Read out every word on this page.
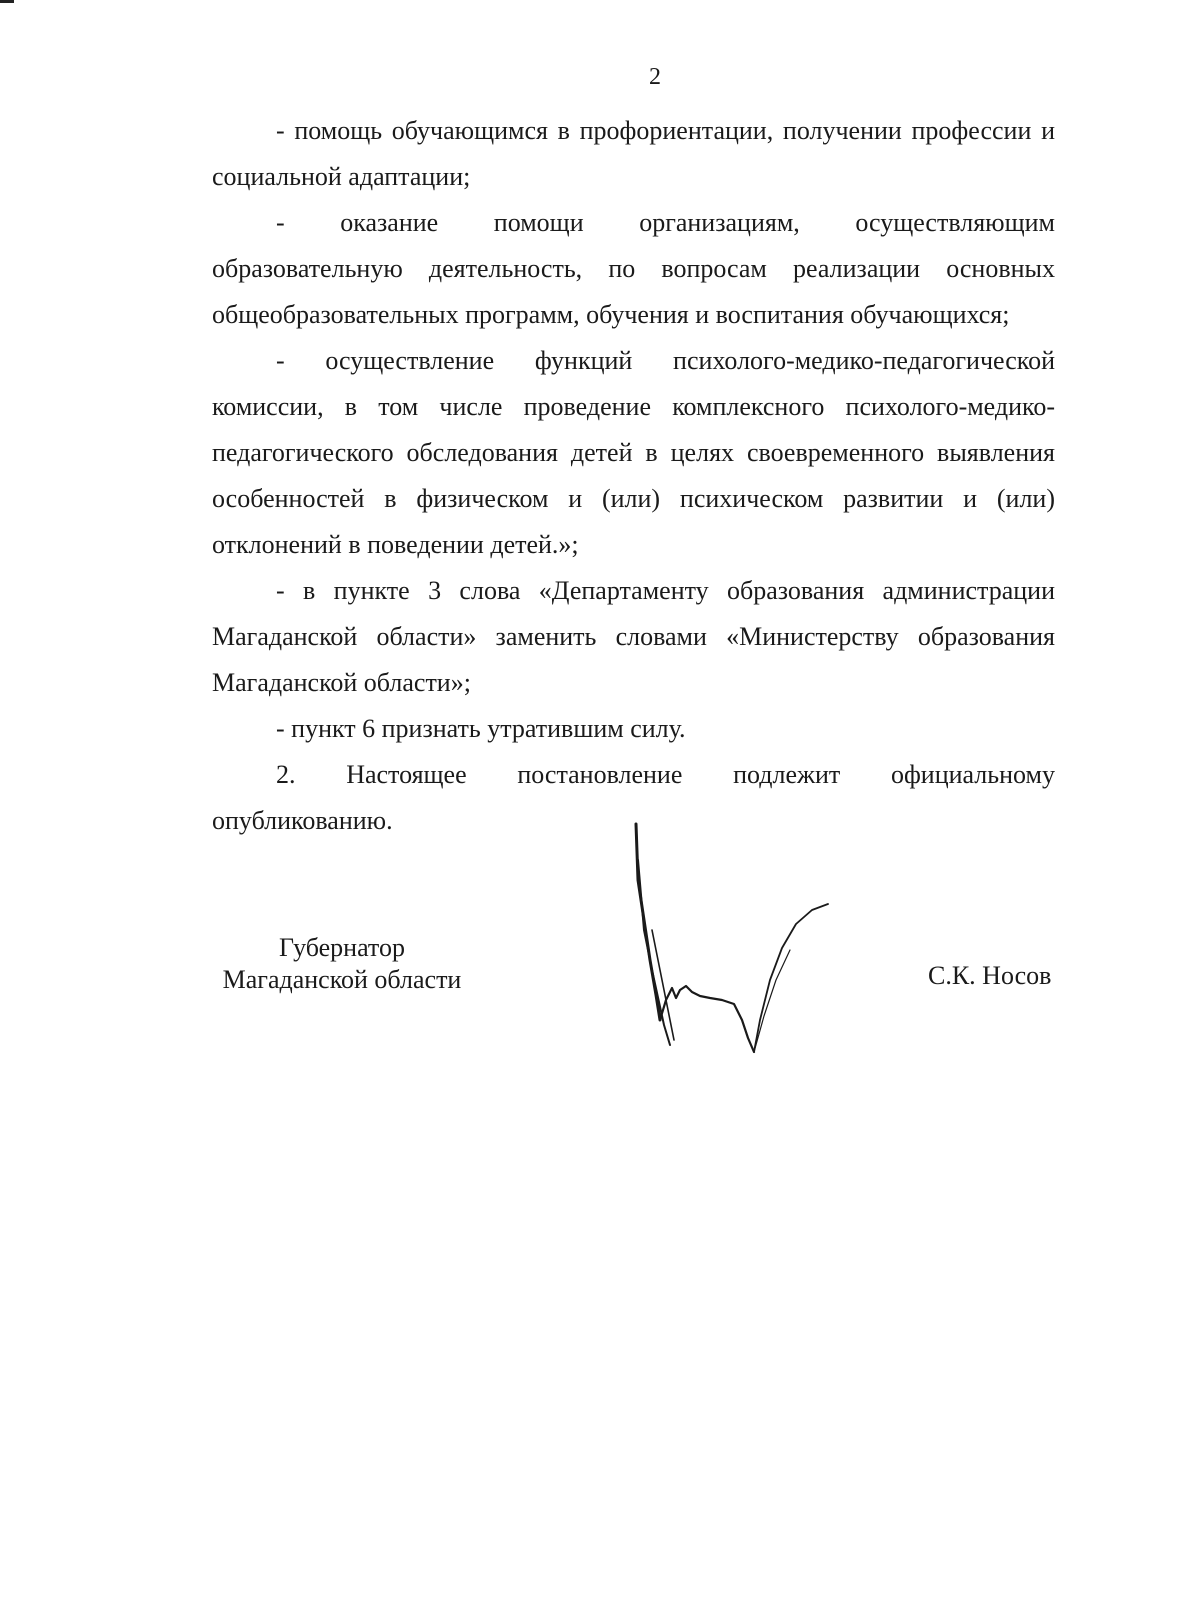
2

- помощь обучающимся в профориентации, получении профессии и социальной адаптации;

- оказание помощи организациям, осуществляющим образовательную деятельность, по вопросам реализации основных общеобразовательных программ, обучения и воспитания обучающихся;

- осуществление функций психолого-медико-педагогической комиссии, в том числе проведение комплексного психолого-медико-педагогического обследования детей в целях своевременного выявления особенностей в физическом и (или) психическом развитии и (или) отклонений в поведении детей.»;

- в пункте 3 слова «Департаменту образования администрации Магаданской области» заменить словами «Министерству образования Магаданской области»;

- пункт 6 признать утратившим силу.

2. Настоящее постановление подлежит официальному опубликованию.

Губернатор
Магаданской области	С.К. Носов
